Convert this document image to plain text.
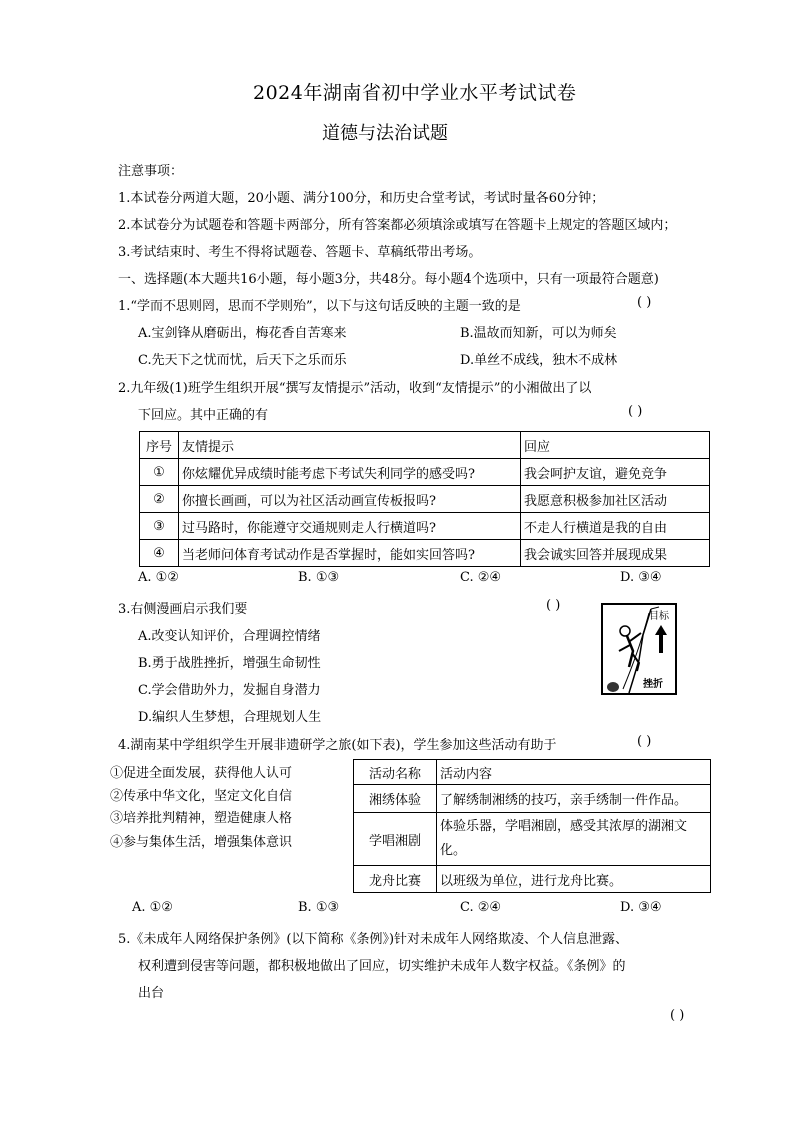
2024年湖南省初中学业水平考试试卷
道德与法治试题
注意事项：
1.本试卷分两道大题，20小题、满分100分，和历史合堂考试，考试时量各60分钟；
2.本试卷分为试题卷和答题卡两部分，所有答案都必须填涂或填写在答题卡上规定的答题区域内；
3.考试结束时、考生不得将试题卷、答题卡、草稿纸带出考场。
一、选择题(本大题共16小题，每小题3分，共48分。每小题4个选项中，只有一项最符合题意)
1.“学而不思则罔，思而不学则殆”，以下与这句话反映的主题一致的是	( )
A.宝剑锋从磨砺出，梅花香自苦寒来	B.温故而知新，可以为师矣
C.先天下之忧而忧，后天下之乐而乐	D.单丝不成线，独木不成林
2.九年级(1)班学生组织开展“撰写友情提示”活动，收到“友情提示”的小湘做出了以
下回应。其中正确的有	( )
序号	友情提示	回应
①	你炫耀优异成绩时能考虑下考试失利同学的感受吗?	我会呵护友谊，避免竞争
②	你擅长画画，可以为社区活动画宣传板报吗?	我愿意积极参加社区活动
③	过马路时，你能遵守交通规则走人行横道吗?	不走人行横道是我的自由
④	当老师问体育考试动作是否掌握时，能如实回答吗?	我会诚实回答并展现成果
A. ①②	B. ①③	C. ②④	D. ③④
3.右侧漫画启示我们要	( )
A.改变认知评价，合理调控情绪
B.勇于战胜挫折，增强生命韧性
C.学会借助外力，发掘自身潜力
D.编织人生梦想，合理规划人生
目标
挫折
4.湖南某中学组织学生开展非遗研学之旅(如下表)，学生参加这些活动有助于	( )
①促进全面发展，获得他人认可
②传承中华文化，坚定文化自信
③培养批判精神，塑造健康人格
④参与集体生活，增强集体意识
活动名称	活动内容
湘绣体验	了解绣制湘绣的技巧，亲手绣制一件作品。
学唱湘剧	体验乐器，学唱湘剧，感受其浓厚的湖湘文化。
龙舟比赛	以班级为单位，进行龙舟比赛。
A. ①②	B. ①③	C. ②④	D. ③④
5.《未成年人网络保护条例》(以下简称《条例》)针对未成年人网络欺凌、个人信息泄露、
权利遭到侵害等问题，都积极地做出了回应，切实维护未成年人数字权益。《条例》的
出台
( )
